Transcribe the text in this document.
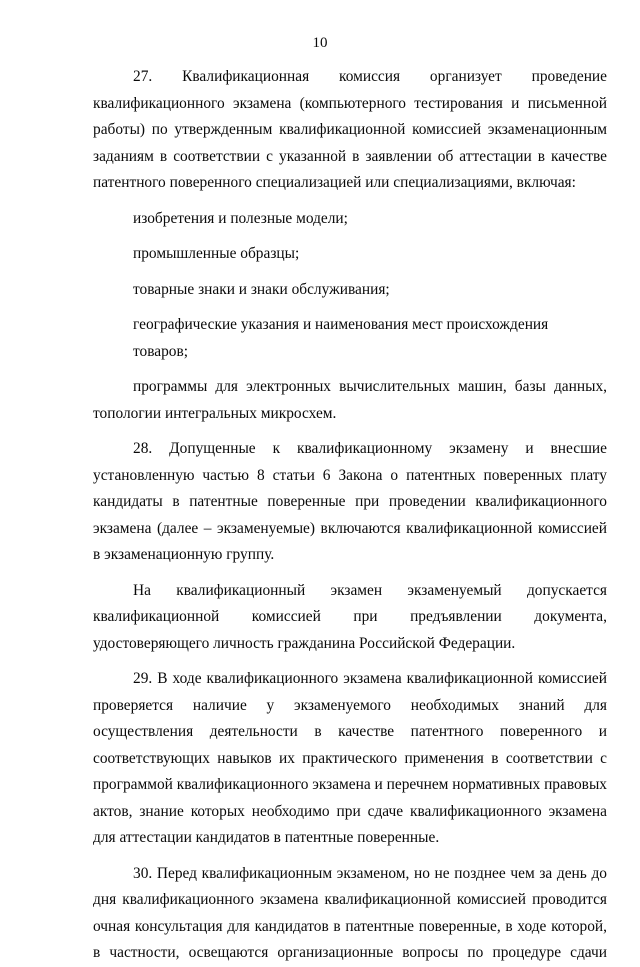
10

27. Квалификационная комиссия организует проведение квалификационного экзамена (компьютерного тестирования и письменной работы) по утвержденным квалификационной комиссией экзаменационным заданиям в соответствии с указанной в заявлении об аттестации в качестве патентного поверенного специализацией или специализациями, включая:

изобретения и полезные модели;

промышленные образцы;

товарные знаки и знаки обслуживания;

географические указания и наименования мест происхождения товаров;

программы для электронных вычислительных машин, базы данных, топологии интегральных микросхем.

28. Допущенные к квалификационному экзамену и внесшие установленную частью 8 статьи 6 Закона о патентных поверенных плату кандидаты в патентные поверенные при проведении квалификационного экзамена (далее – экзаменуемые) включаются квалификационной комиссией в экзаменационную группу.

На квалификационный экзамен экзаменуемый допускается квалификационной комиссией при предъявлении документа, удостоверяющего личность гражданина Российской Федерации.

29. В ходе квалификационного экзамена квалификационной комиссией проверяется наличие у экзаменуемого необходимых знаний для осуществления деятельности в качестве патентного поверенного и соответствующих навыков их практического применения в соответствии с программой квалификационного экзамена и перечнем нормативных правовых актов, знание которых необходимо при сдаче квалификационного экзамена для аттестации кандидатов в патентные поверенные.

30. Перед квалификационным экзаменом, но не позднее чем за день до дня квалификационного экзамена квалификационной комиссией проводится очная консультация для кандидатов в патентные поверенные, в ходе которой, в частности, освещаются организационные вопросы по процедуре сдачи
